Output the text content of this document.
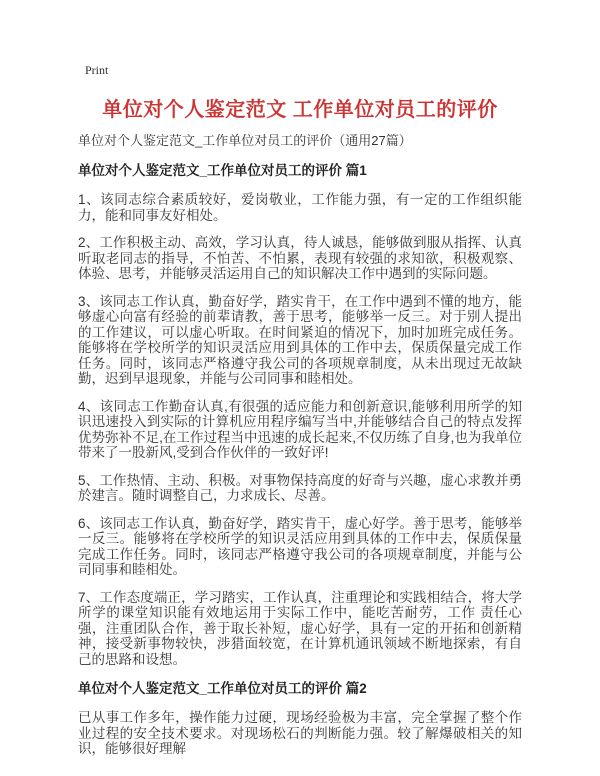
Print
单位对个人鉴定范文 工作单位对员工的评价

单位对个人鉴定范文_工作单位对员工的评价（通用27篇）

单位对个人鉴定范文_工作单位对员工的评价 篇1

1、该同志综合素质较好，爱岗敬业，工作能力强，有一定的工作组织能力，能和同事友好相处。

2、工作积极主动、高效，学习认真，待人诚恳，能够做到服从指挥、认真听取老同志的指导，不怕苦、不怕累，表现有较强的求知欲，积极观察、体验、思考，并能够灵活运用自己的知识解决工作中遇到的实际问题。

3、该同志工作认真，勤奋好学，踏实肯干，在工作中遇到不懂的地方，能够虚心向富有经验的前辈请教，善于思考，能够举一反三。对于别人提出的工作建议，可以虚心听取。在时间紧迫的情况下，加时加班完成任务。能够将在学校所学的知识灵活应用到具体的工作中去，保质保量完成工作任务。同时，该同志严格遵守我公司的各项规章制度，从未出现过无故缺勤，迟到早退现象，并能与公司同事和睦相处。

4、该同志工作勤奋认真,有很强的适应能力和创新意识,能够利用所学的知识迅速投入到实际的计算机应用程序编写当中,并能够结合自己的特点发挥优势弥补不足,在工作过程当中迅速的成长起来,不仅历练了自身,也为我单位带来了一股新风,受到合作伙伴的一致好评!

5、工作热情、主动、积极。对事物保持高度的好奇与兴趣，虚心求教并勇於建言。随时调整自己，力求成长、尽善。

6、该同志工作认真，勤奋好学，踏实肯干，虚心好学。善于思考，能够举一反三。能够将在学校所学的知识灵活应用到具体的工作中去，保质保量完成工作任务。同时，该同志严格遵守我公司的各项规章制度，并能与公司同事和睦相处。

7、工作态度端正，学习踏实，工作认真，注重理论和实践相结合，将大学所学的课堂知识能有效地运用于实际工作中，能吃苦耐劳，工作 责任心强，注重团队合作，善于取长补短，虚心好学，具有一定的开拓和创新精神，接受新事物较快，涉猎面较宽，在计算机通讯领域不断地探索，有自己的思路和设想。

单位对个人鉴定范文_工作单位对员工的评价 篇2

已从事工作多年，操作能力过硬，现场经验极为丰富，完全掌握了整个作业过程的安全技术要求。对现场松石的判断能力强。较了解爆破相关的知识，能够很好理解
